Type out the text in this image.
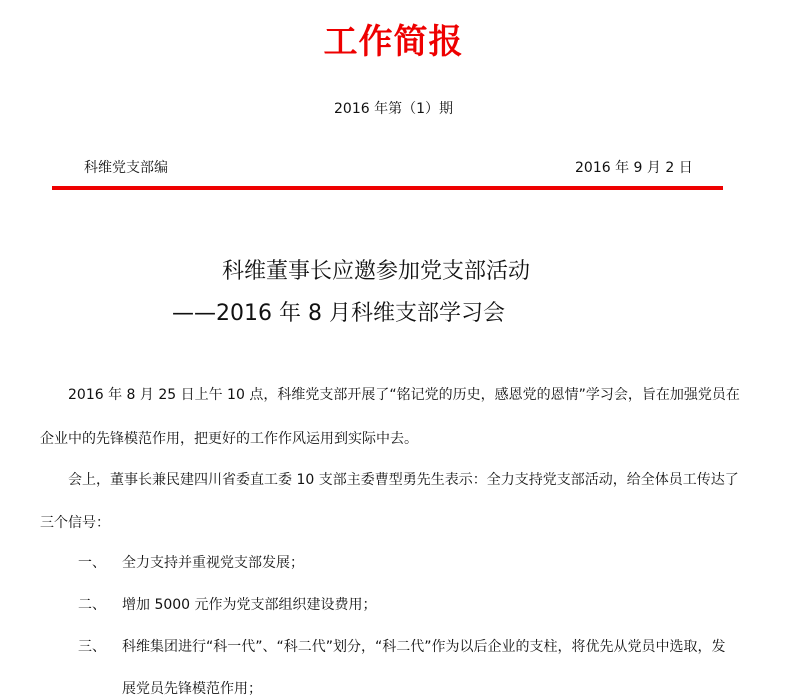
工作简报
2016 年第（1）期
科维党支部编	2016 年 9 月 2 日
科维董事长应邀参加党支部活动
——2016 年 8 月科维支部学习会
2016 年 8 月 25 日上午 10 点，科维党支部开展了“铭记党的历史，感恩党的恩情”学习会，旨在加强党员在
企业中的先锋模范作用，把更好的工作作风运用到实际中去。
会上，董事长兼民建四川省委直工委 10 支部主委曹型勇先生表示：全力支持党支部活动，给全体员工传达了
三个信号：
一、 全力支持并重视党支部发展；
二、 增加 5000 元作为党支部组织建设费用；
三、 科维集团进行“科一代”、“科二代”划分，“科二代”作为以后企业的支柱，将优先从党员中选取，发
展党员先锋模范作用；
